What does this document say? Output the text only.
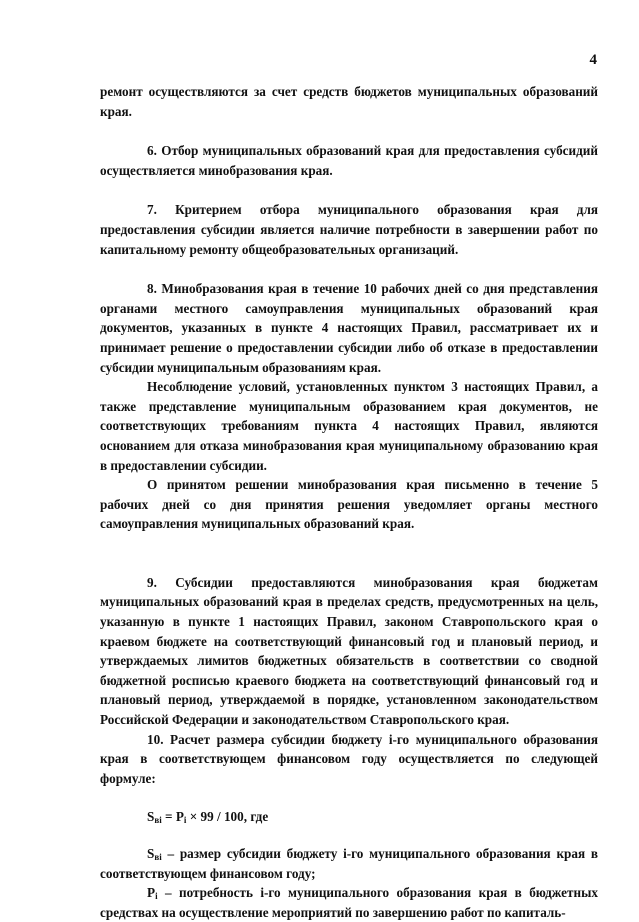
4

ремонт осуществляются за счет средств бюджетов муниципальных образований края.

6. Отбор муниципальных образований края для предоставления субсидий осуществляется минобразования края.

7. Критерием отбора муниципального образования края для предоставления субсидии является наличие потребности в завершении работ по капитальному ремонту общеобразовательных организаций.

8. Минобразования края в течение 10 рабочих дней со дня представления органами местного самоуправления муниципальных образований края документов, указанных в пункте 4 настоящих Правил, рассматривает их и принимает решение о предоставлении субсидии либо об отказе в предоставлении субсидии муниципальным образованиям края.

Несоблюдение условий, установленных пунктом 3 настоящих Правил, а также представление муниципальным образованием края документов, не соответствующих требованиям пункта 4 настоящих Правил, являются основанием для отказа минобразования края муниципальному образованию края в предоставлении субсидии.

О принятом решении минобразования края письменно в течение 5 рабочих дней со дня принятия решения уведомляет органы местного самоуправления муниципальных образований края.

9. Субсидии предоставляются минобразования края бюджетам муниципальных образований края в пределах средств, предусмотренных на цель, указанную в пункте 1 настоящих Правил, законом Ставропольского края о краевом бюджете на соответствующий финансовый год и плановый период, и утверждаемых лимитов бюджетных обязательств в соответствии со сводной бюджетной росписью краевого бюджета на соответствующий финансовый год и плановый период, утверждаемой в порядке, установленном законодательством Российской Федерации и законодательством Ставропольского края.

10. Расчет размера субсидии бюджету i-го муниципального образования края в соответствующем финансовом году осуществляется по следующей формуле:

$S_{вi} = P_i \times 99 / 100$, где

$S_{вi}$ – размер субсидии бюджету i-го муниципального образования края в соответствующем финансовом году;

$P_i$ – потребность i-го муниципального образования края в бюджетных средствах на осуществление мероприятий по завершению работ по капиталь-
